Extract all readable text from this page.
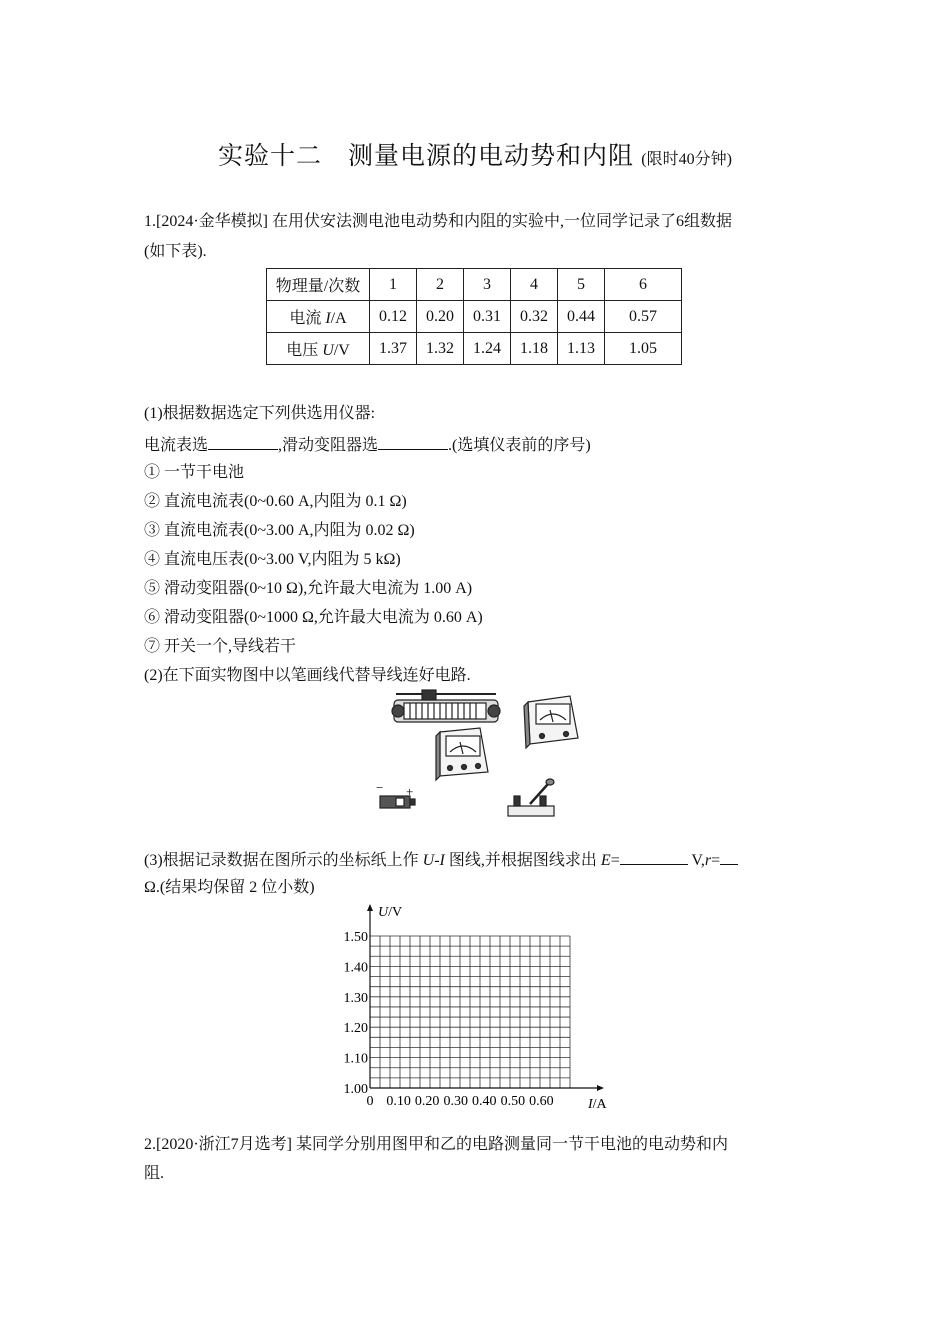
实验十二　测量电源的电动势和内阻 (限时40分钟)
1.[2024·金华模拟] 在用伏安法测电池电动势和内阻的实验中,一位同学记录了6组数据
(如下表).
物理量/次数	1	2	3	4	5	6
电流 I/A	0.12	0.20	0.31	0.32	0.44	0.57
电压 U/V	1.37	1.32	1.24	1.18	1.13	1.05
(1)根据数据选定下列供选用仪器:
电流表选	,滑动变阻器选	.(选填仪表前的序号)
① 一节干电池
② 直流电流表(0~0.60 A,内阻为 0.1 Ω)
③ 直流电流表(0~3.00 A,内阻为 0.02 Ω)
④ 直流电压表(0~3.00 V,内阻为 5 kΩ)
⑤ 滑动变阻器(0~10 Ω),允许最大电流为 1.00 A)
⑥ 滑动变阻器(0~1000 Ω,允许最大电流为 0.60 A)
⑦ 开关一个,导线若干
(2)在下面实物图中以笔画线代替导线连好电路.
− +
(3)根据记录数据在图所示的坐标纸上作 U-I 图线,并根据图线求出 E=	V,r=
Ω.(结果均保留 2 位小数)
1.00
1.10
1.20
1.30
1.40
1.50
0.10 0.20 0.30 0.40 0.50 0.60
0
U/V
I/A
2.[2020·浙江7月选考] 某同学分别用图甲和乙的电路测量同一节干电池的电动势和内
阻.
